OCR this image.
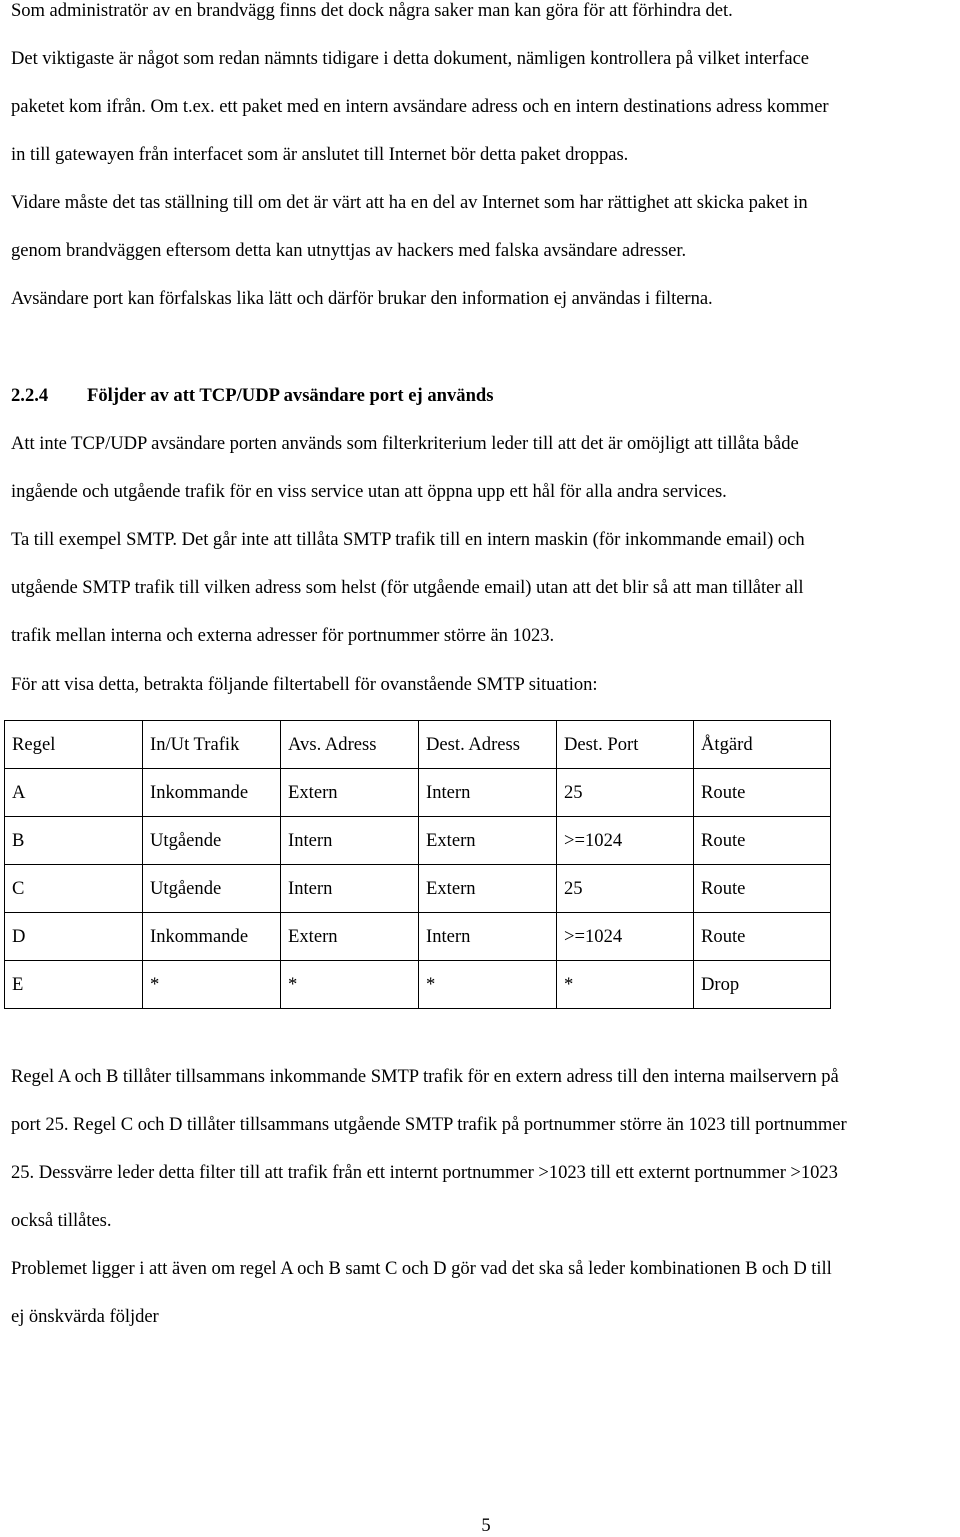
Som administratör av en brandvägg finns det dock några saker man kan göra för att förhindra det.
Det viktigaste är något som redan nämnts tidigare i detta dokument, nämligen kontrollera på vilket interface
paketet kom ifrån. Om t.ex. ett paket med en intern avsändare adress och en intern destinations adress kommer
in till gatewayen från interfacet som är anslutet till Internet bör detta paket droppas.
Vidare måste det tas ställning till om det är värt att ha en del av Internet som har rättighet att skicka paket in
genom brandväggen eftersom detta kan utnyttjas av hackers med falska avsändare adresser.
Avsändare port kan förfalskas lika lätt och därför brukar den information ej användas i filterna.
2.2.4 Följder av att TCP/UDP avsändare port ej används
Att inte TCP/UDP avsändare porten används som filterkriterium leder till att det är omöjligt att tillåta både
ingående och utgående trafik för en viss service utan att öppna upp ett hål för alla andra services.
Ta till exempel SMTP. Det går inte att tillåta SMTP trafik till en intern maskin (för inkommande email) och
utgående SMTP trafik till vilken adress som helst (för utgående email) utan att det blir så att man tillåter all
trafik mellan interna och externa adresser för portnummer större än 1023.
För att visa detta, betrakta följande filtertabell för ovanstående SMTP situation:
Regel	In/Ut Trafik	Avs. Adress	Dest. Adress	Dest. Port	Åtgärd
A	Inkommande	Extern	Intern	25	Route
B	Utgående	Intern	Extern	>=1024	Route
C	Utgående	Intern	Extern	25	Route
D	Inkommande	Extern	Intern	>=1024	Route
E	*	*	*	*	Drop
Regel A och B tillåter tillsammans inkommande SMTP trafik för en extern adress till den interna mailservern på
port 25. Regel C och D tillåter tillsammans utgående SMTP trafik på portnummer större än 1023 till portnummer
25. Dessvärre leder detta filter till att trafik från ett internt portnummer >1023 till ett externt portnummer >1023
också tillåtes.
Problemet ligger i att även om regel A och B samt C och D gör vad det ska så leder kombinationen B och D till
ej önskvärda följder
5
